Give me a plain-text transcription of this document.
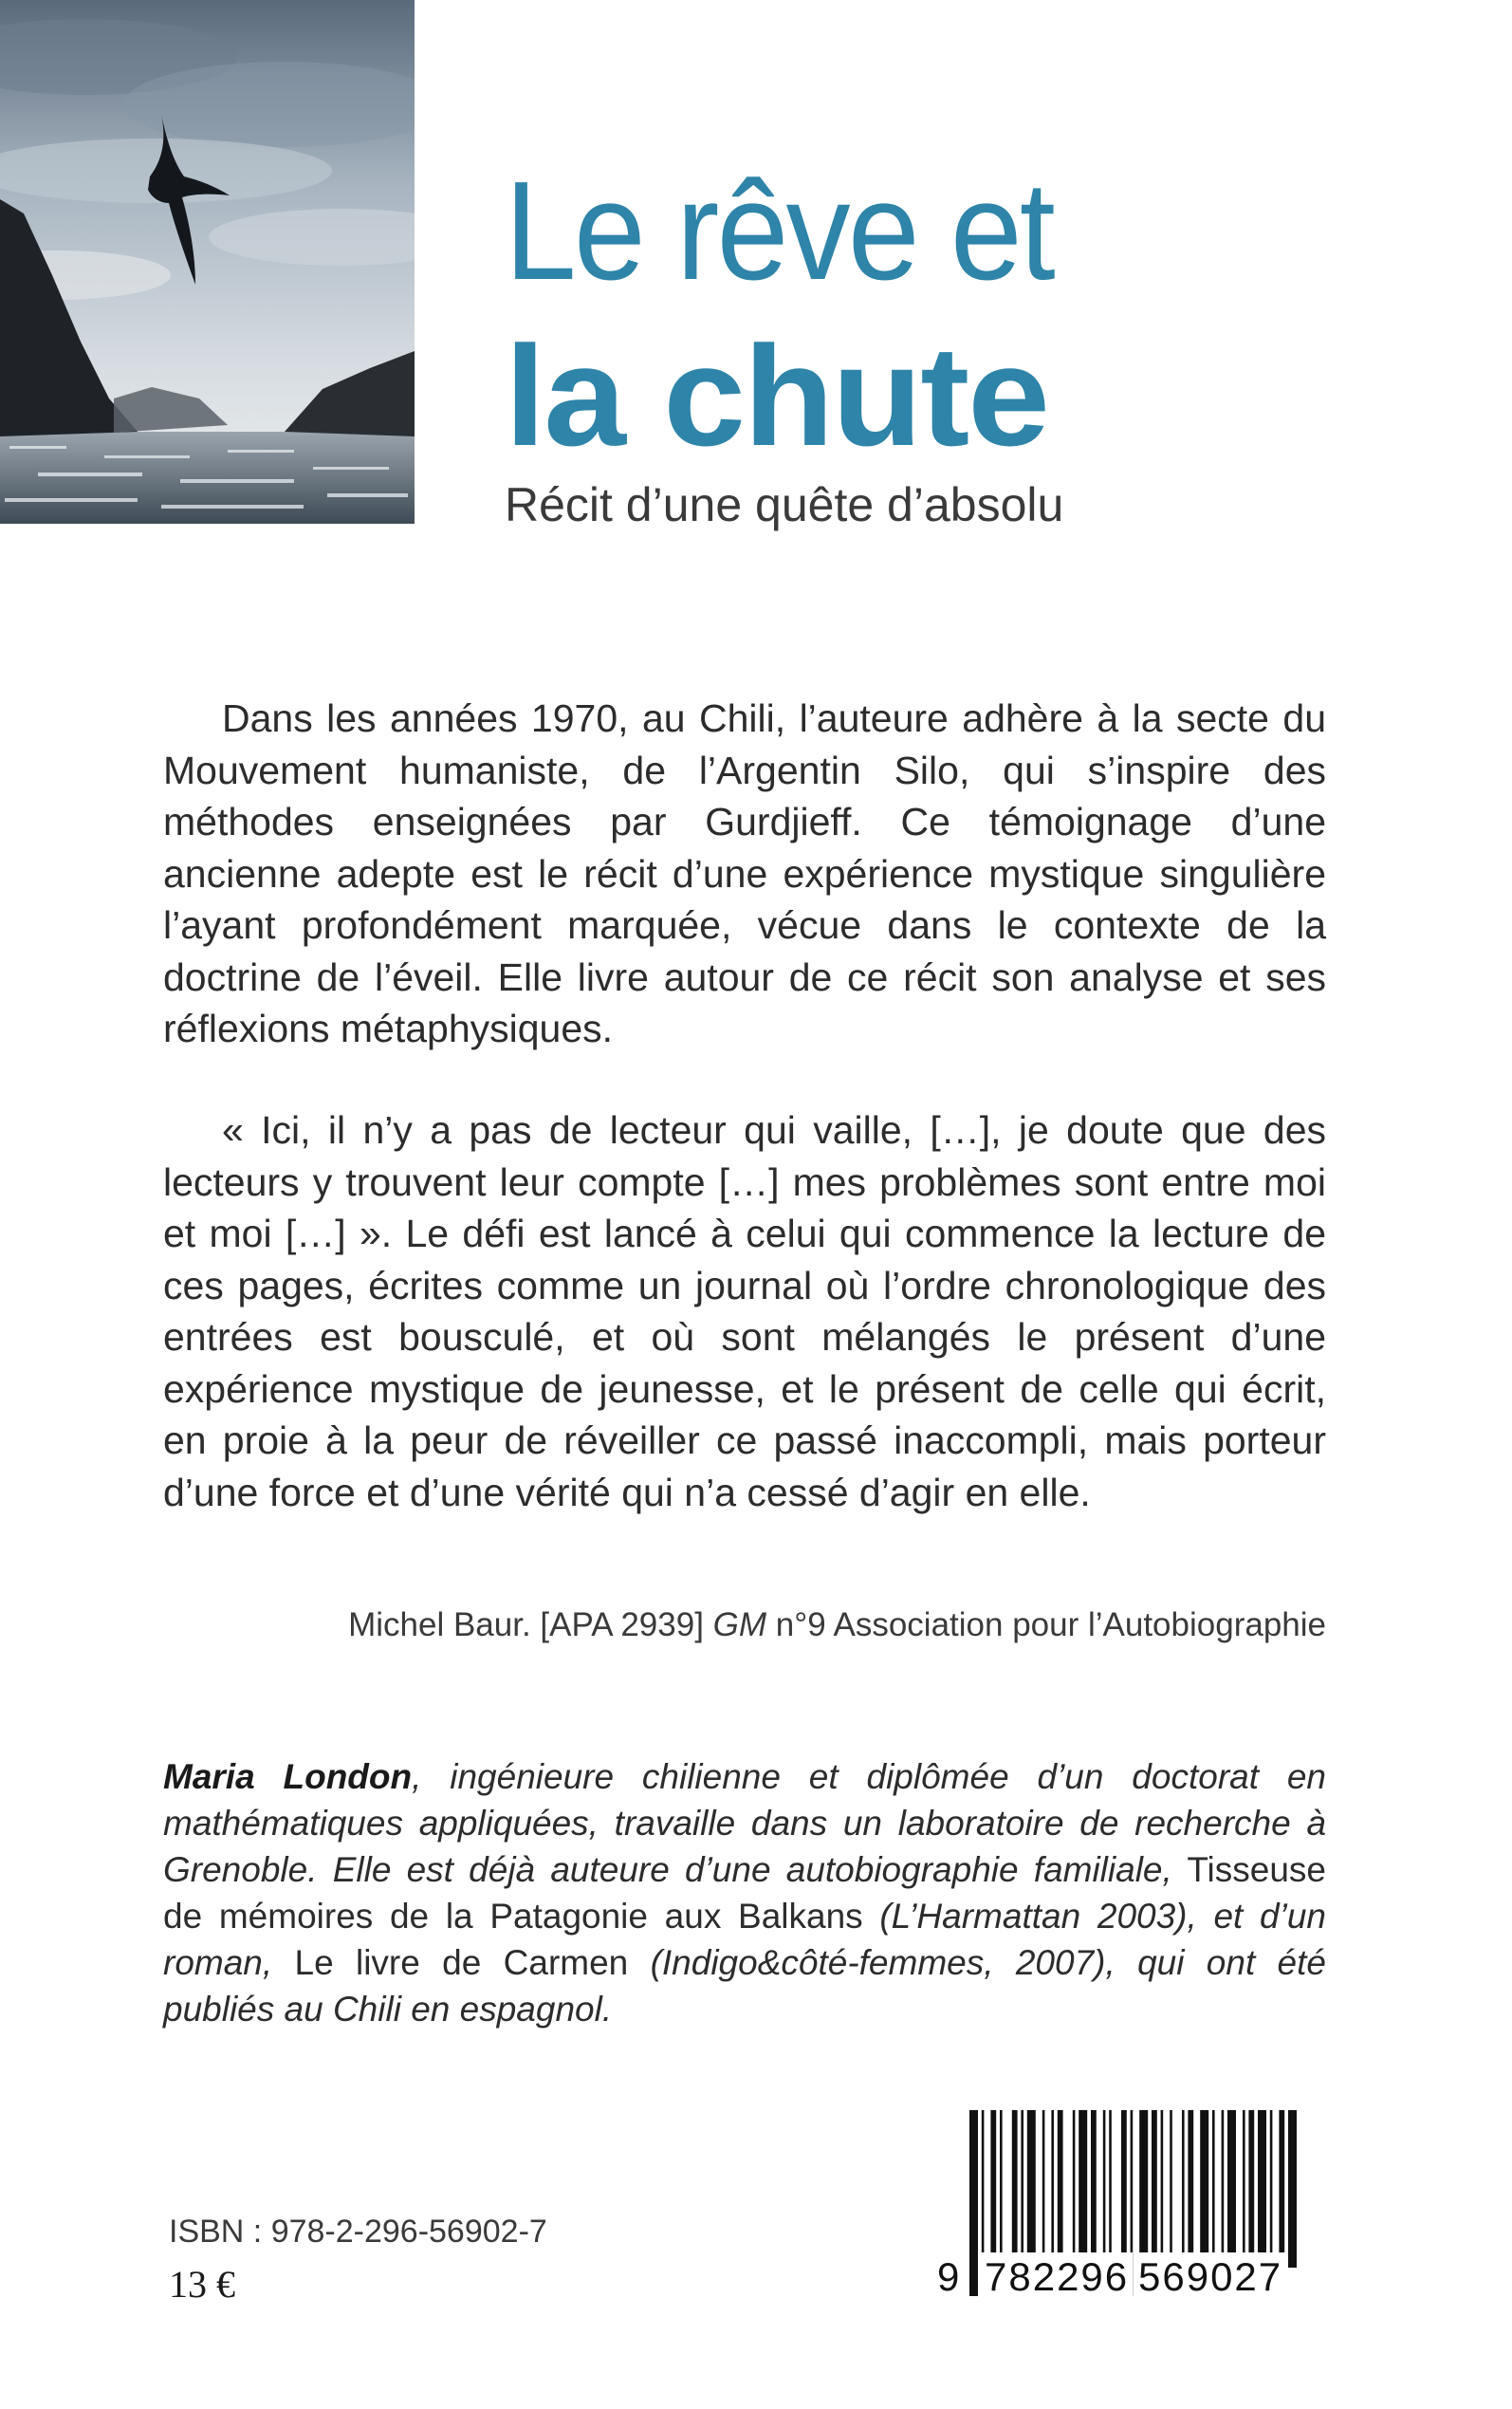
Le rêve et
la chute
Récit d’une quête d’absolu

Dans les années 1970, au Chili, l’auteure adhère à la secte du Mouvement humaniste, de l’Argentin Silo, qui s’inspire des méthodes enseignées par Gurdjieff. Ce témoignage d’une ancienne adepte est le récit d’une expérience mystique singulière l’ayant profondément marquée, vécue dans le contexte de la doctrine de l’éveil. Elle livre autour de ce récit son analyse et ses réflexions métaphysiques.

« Ici, il n’y a pas de lecteur qui vaille, […], je doute que des lecteurs y trouvent leur compte […] mes problèmes sont entre moi et moi […] ». Le défi est lancé à celui qui commence la lecture de ces pages, écrites comme un journal où l’ordre chronologique des entrées est bousculé, et où sont mélangés le présent d’une expérience mystique de jeunesse, et le présent de celle qui écrit, en proie à la peur de réveiller ce passé inaccompli, mais porteur d’une force et d’une vérité qui n’a cessé d’agir en elle.

Michel Baur. [APA 2939] GM n°9 Association pour l’Autobiographie

Maria London, ingénieure chilienne et diplômée d’un doctorat en mathématiques appliquées, travaille dans un laboratoire de recherche à Grenoble. Elle est déjà auteure d’une autobiographie familiale, Tisseuse de mémoires de la Patagonie aux Balkans (L’Harmattan 2003), et d’un roman, Le livre de Carmen (Indigo&côté-femmes, 2007), qui ont été publiés au Chili en espagnol.

ISBN : 978-2-296-56902-7
13 €	9 782296 569027
